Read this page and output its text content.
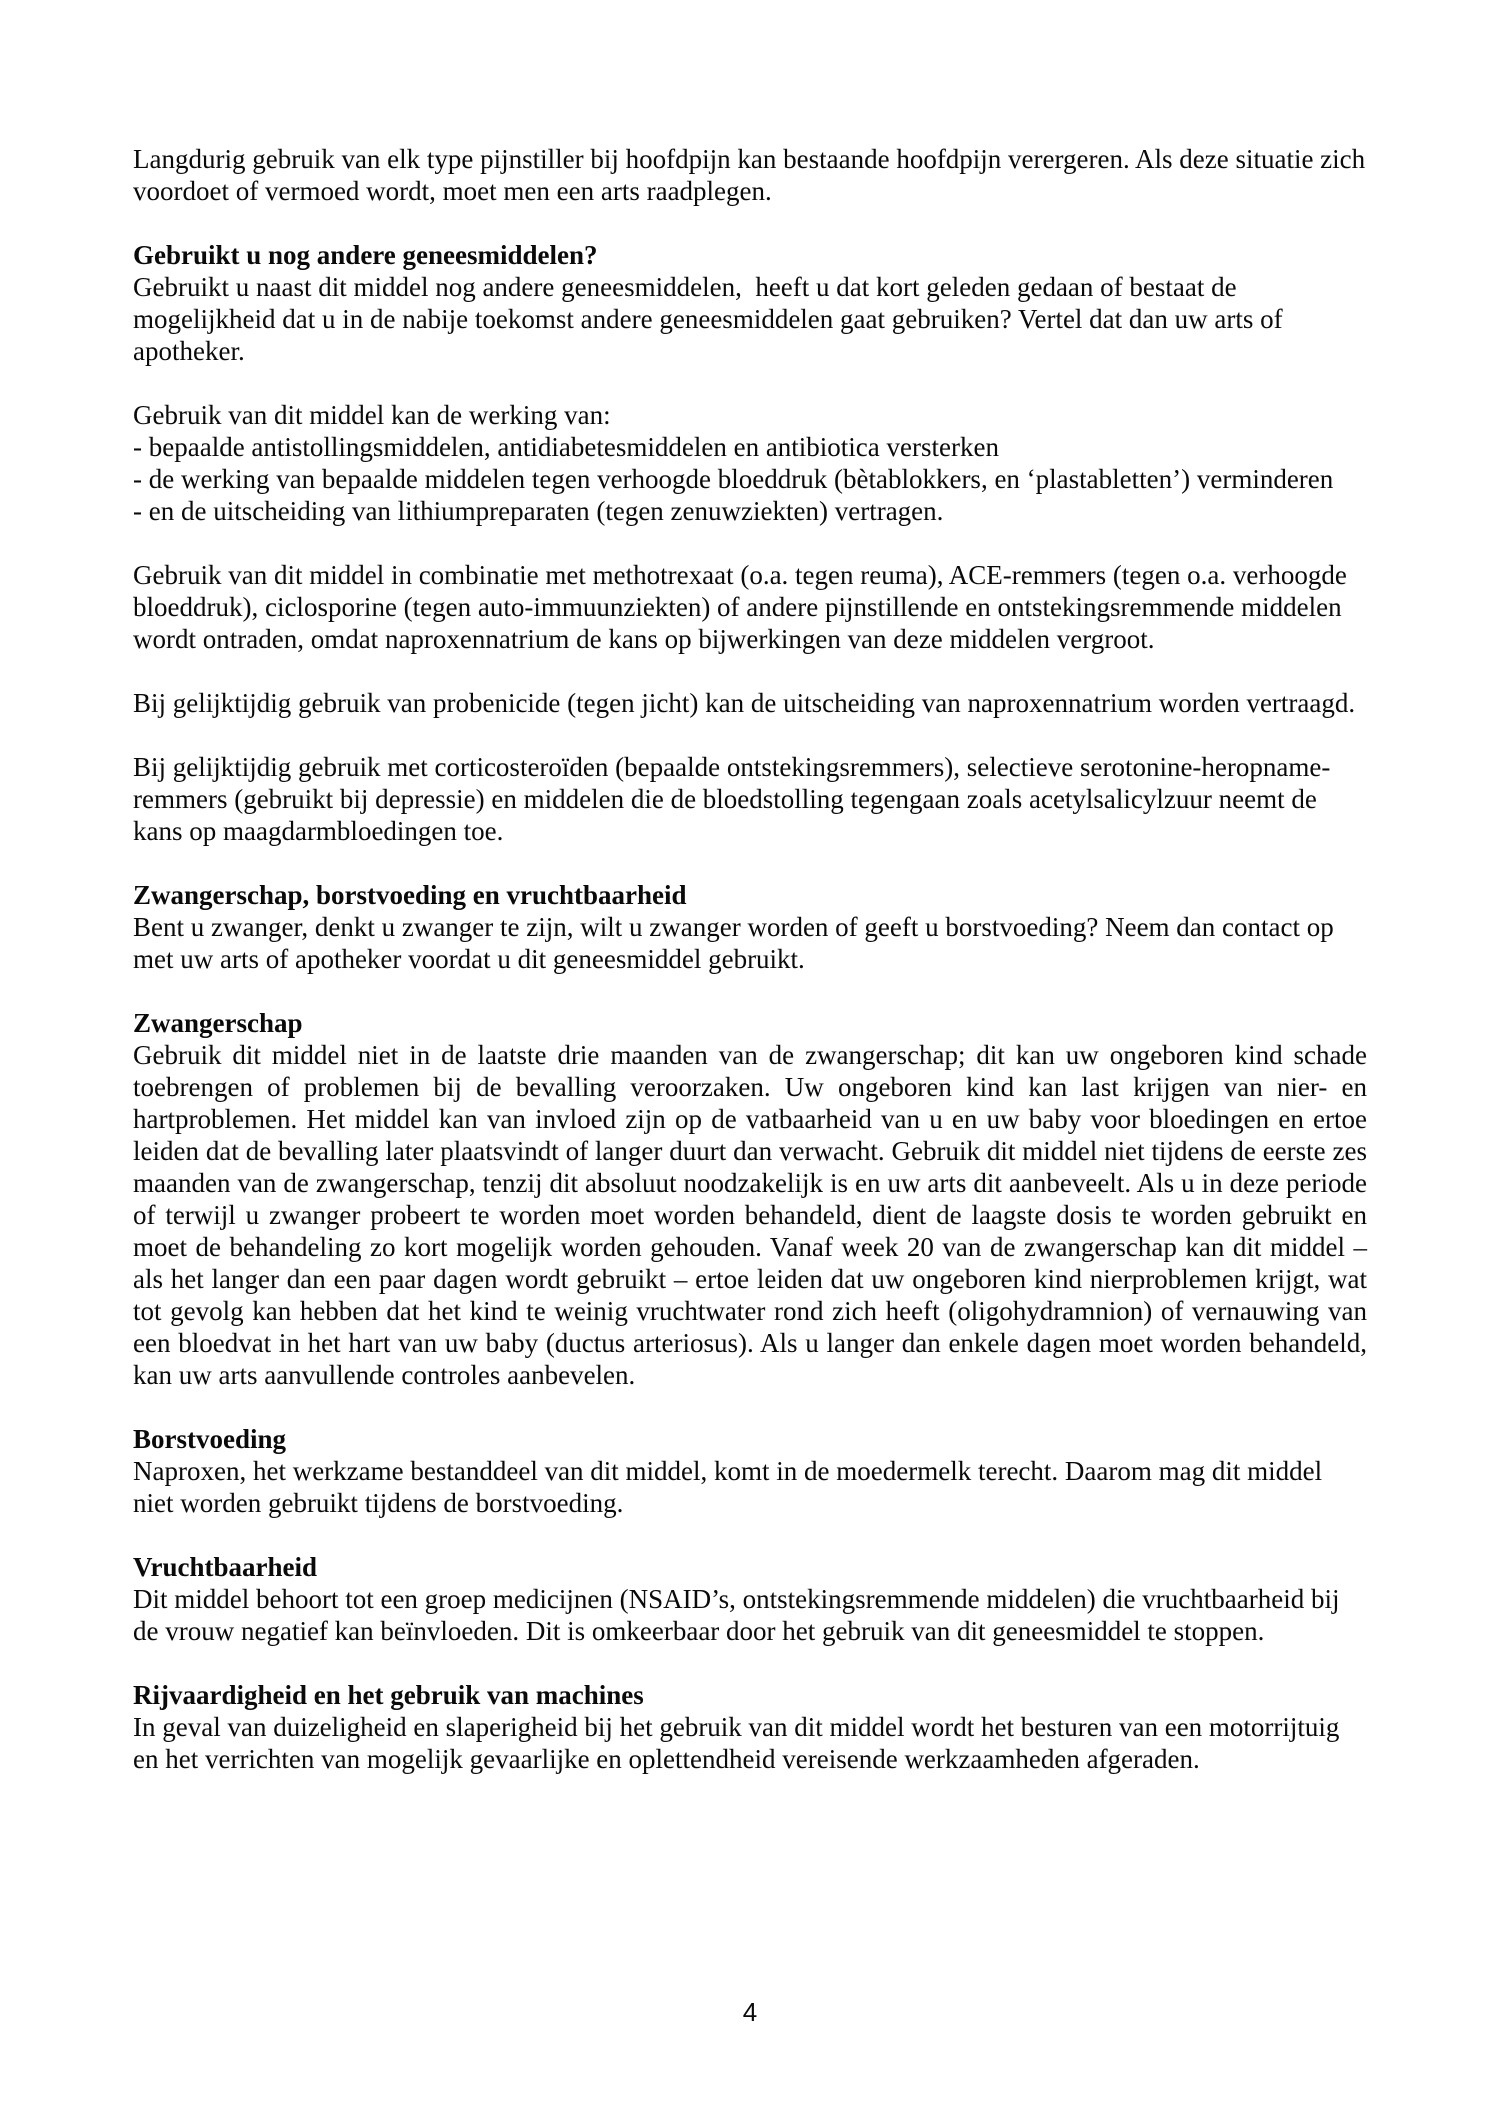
Langdurig gebruik van elk type pijnstiller bij hoofdpijn kan bestaande hoofdpijn verergeren. Als deze situatie zich voordoet of vermoed wordt, moet men een arts raadplegen.

Gebruikt u nog andere geneesmiddelen?

Gebruikt u naast dit middel nog andere geneesmiddelen,  heeft u dat kort geleden gedaan of bestaat de mogelijkheid dat u in de nabije toekomst andere geneesmiddelen gaat gebruiken? Vertel dat dan uw arts of apotheker.

Gebruik van dit middel kan de werking van:

- bepaalde antistollingsmiddelen, antidiabetesmiddelen en antibiotica versterken
- de werking van bepaalde middelen tegen verhoogde bloeddruk (bètablokkers, en ‘plastabletten’) verminderen
- en de uitscheiding van lithiumpreparaten (tegen zenuwziekten) vertragen.

Gebruik van dit middel in combinatie met methotrexaat (o.a. tegen reuma), ACE-remmers (tegen o.a. verhoogde bloeddruk), ciclosporine (tegen auto-immuunziekten) of andere pijnstillende en ontstekingsremmende middelen wordt ontraden, omdat naproxennatrium de kans op bijwerkingen van deze middelen vergroot.

Bij gelijktijdig gebruik van probenicide (tegen jicht) kan de uitscheiding van naproxennatrium worden vertraagd.

Bij gelijktijdig gebruik met corticosteroïden (bepaalde ontstekingsremmers), selectieve serotonine-heropname-remmers (gebruikt bij depressie) en middelen die de bloedstolling tegengaan zoals acetylsalicylzuur neemt de kans op maagdarmbloedingen toe.

Zwangerschap, borstvoeding en vruchtbaarheid

Bent u zwanger, denkt u zwanger te zijn, wilt u zwanger worden of geeft u borstvoeding? Neem dan contact op met uw arts of apotheker voordat u dit geneesmiddel gebruikt.

Zwangerschap

Gebruik dit middel niet in de laatste drie maanden van de zwangerschap; dit kan uw ongeboren kind schade toebrengen of problemen bij de bevalling veroorzaken. Uw ongeboren kind kan last krijgen van nier- en hartproblemen. Het middel kan van invloed zijn op de vatbaarheid van u en uw baby voor bloedingen en ertoe leiden dat de bevalling later plaatsvindt of langer duurt dan verwacht. Gebruik dit middel niet tijdens de eerste zes maanden van de zwangerschap, tenzij dit absoluut noodzakelijk is en uw arts dit aanbeveelt. Als u in deze periode of terwijl u zwanger probeert te worden moet worden behandeld, dient de laagste dosis te worden gebruikt en moet de behandeling zo kort mogelijk worden gehouden. Vanaf week 20 van de zwangerschap kan dit middel – als het langer dan een paar dagen wordt gebruikt – ertoe leiden dat uw ongeboren kind nierproblemen krijgt, wat tot gevolg kan hebben dat het kind te weinig vruchtwater rond zich heeft (oligohydramnion) of vernauwing van een bloedvat in het hart van uw baby (ductus arteriosus). Als u langer dan enkele dagen moet worden behandeld, kan uw arts aanvullende controles aanbevelen.

Borstvoeding

Naproxen, het werkzame bestanddeel van dit middel, komt in de moedermelk terecht. Daarom mag dit middel niet worden gebruikt tijdens de borstvoeding.

Vruchtbaarheid

Dit middel behoort tot een groep medicijnen (NSAID’s, ontstekingsremmende middelen) die vruchtbaarheid bij de vrouw negatief kan beïnvloeden. Dit is omkeerbaar door het gebruik van dit geneesmiddel te stoppen.

Rijvaardigheid en het gebruik van machines

In geval van duizeligheid en slaperigheid bij het gebruik van dit middel wordt het besturen van een motorrijtuig en het verrichten van mogelijk gevaarlijke en oplettendheid vereisende werkzaamheden afgeraden.

4
